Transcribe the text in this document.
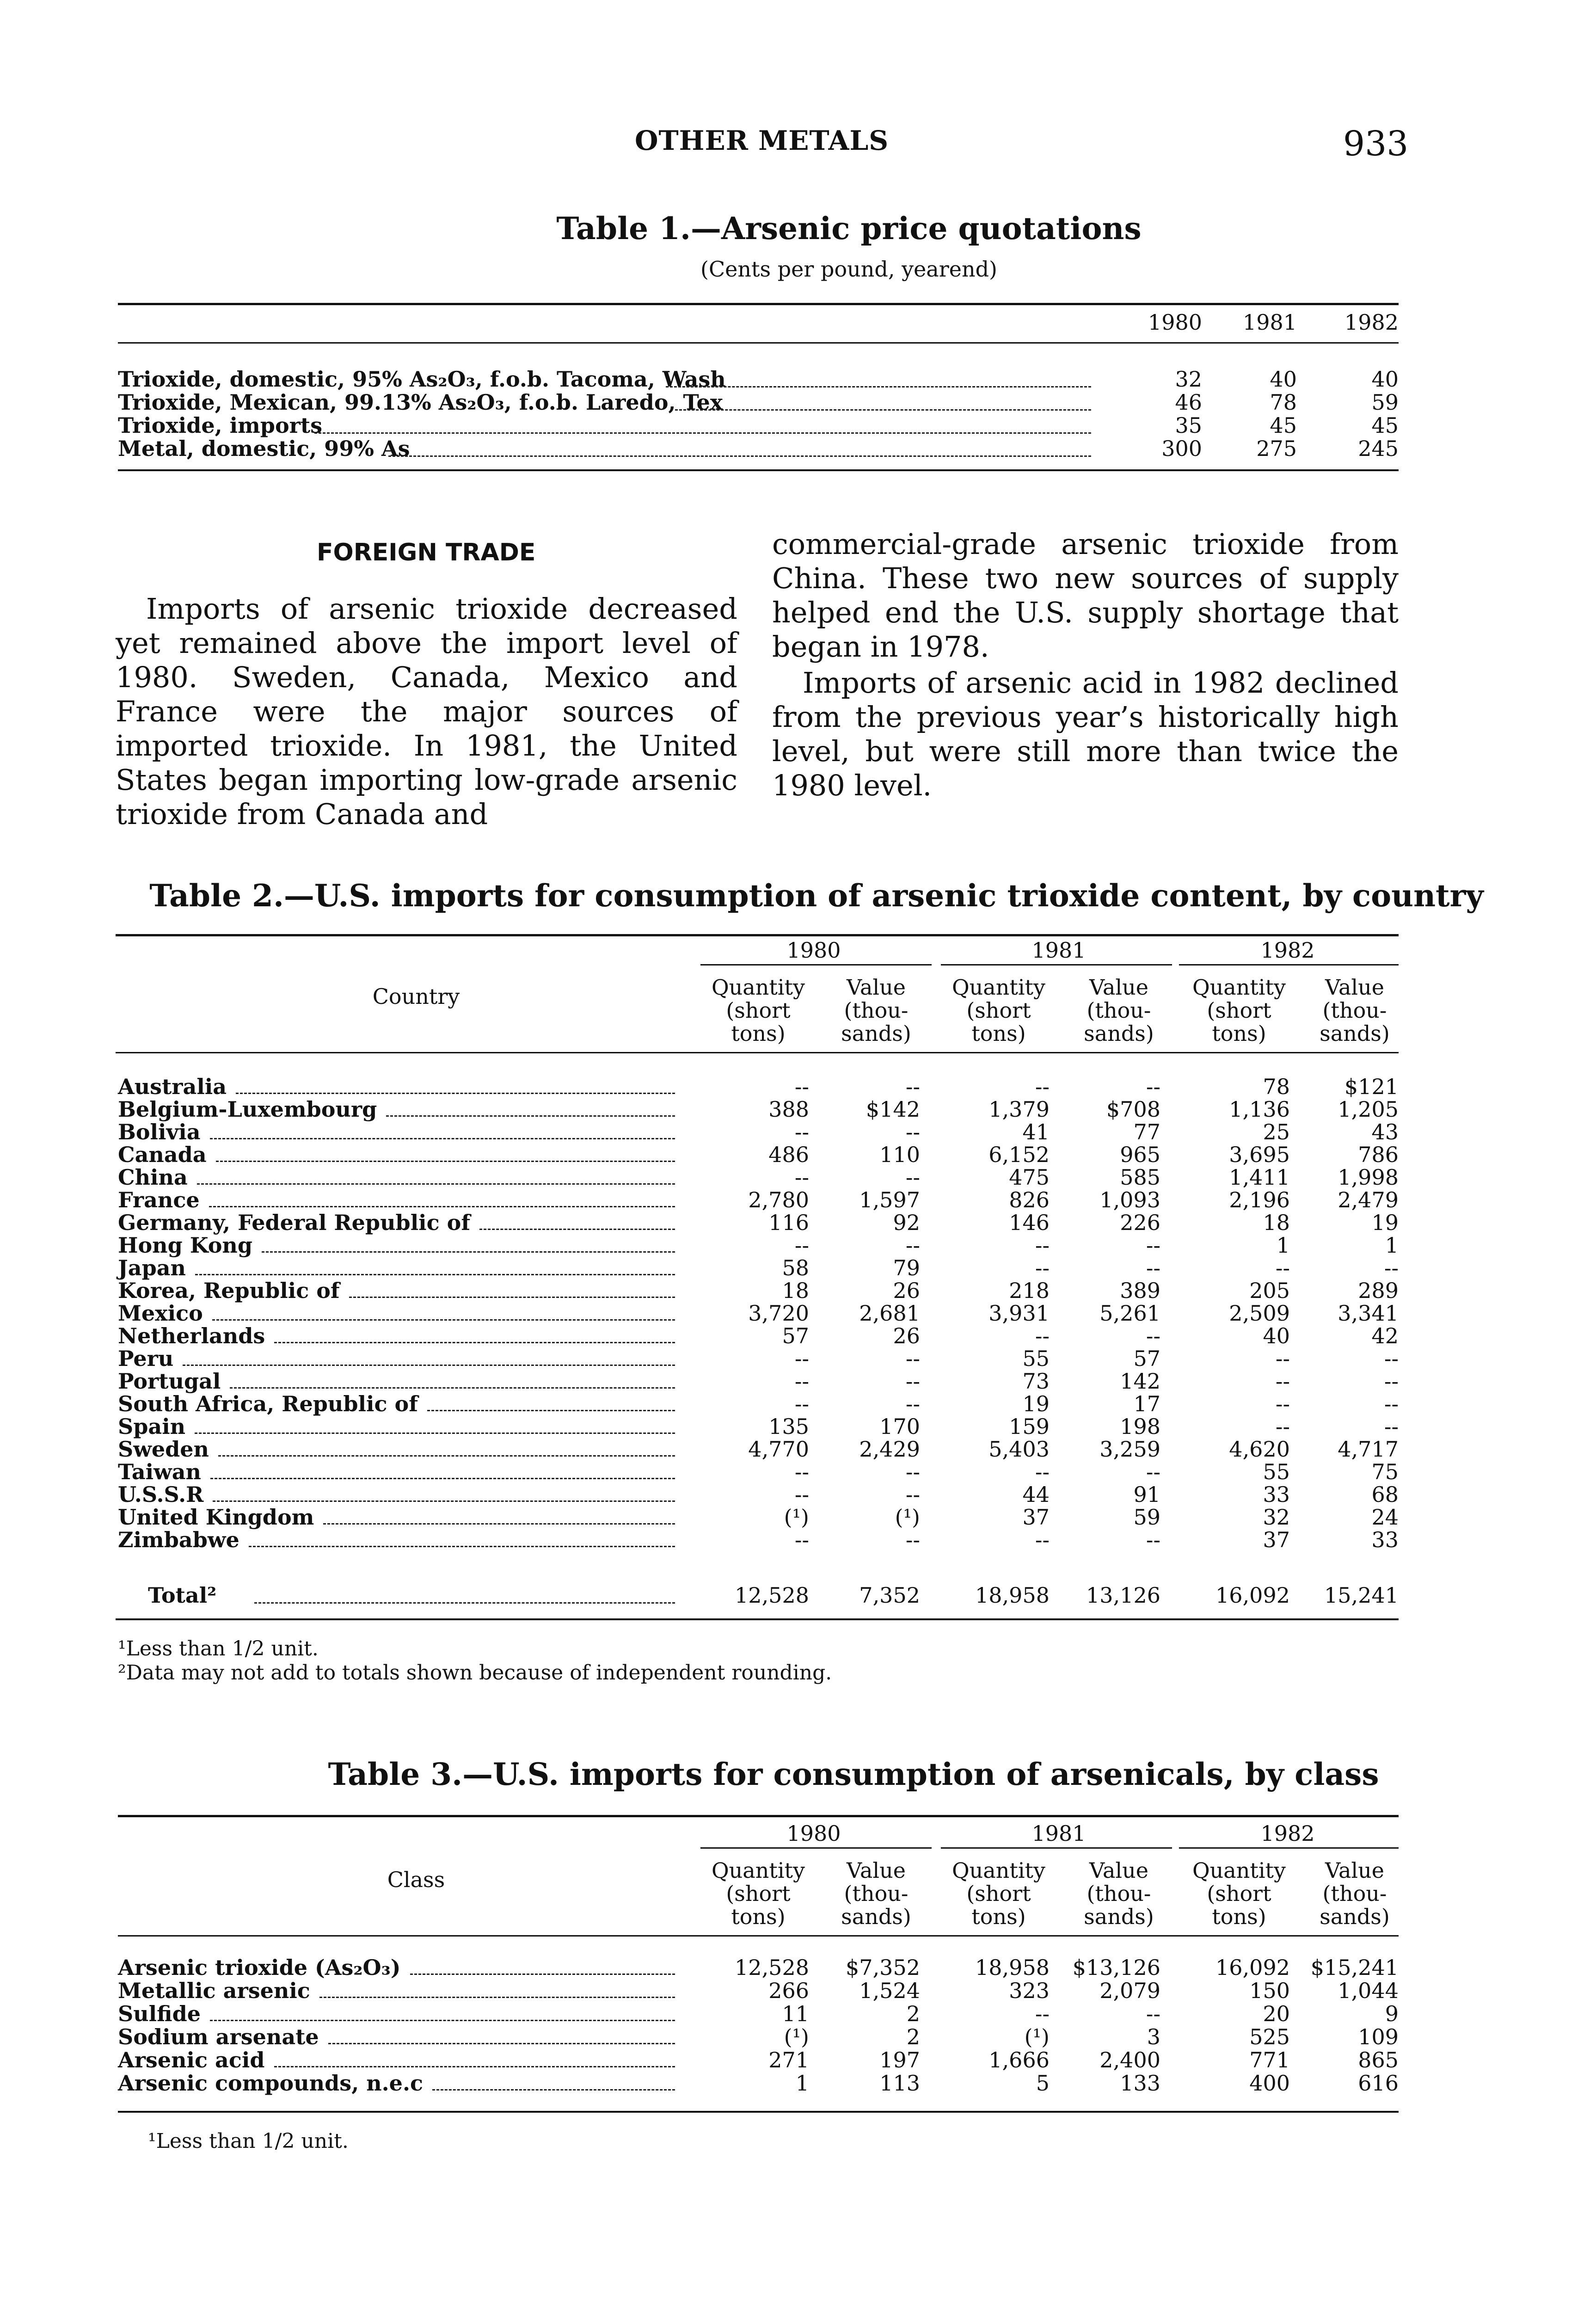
OTHER METALS	933
Table 1.—Arsenic price quotations
(Cents per pound, yearend)
1980	1981	1982
Trioxide, domestic, 95% As₂O₃, f.o.b. Tacoma, Wash	32	40	40
Trioxide, Mexican, 99.13% As₂O₃, f.o.b. Laredo, Tex	46	78	59
Trioxide, imports	35	45	45
Metal, domestic, 99% As	300	275	245
FOREIGN TRADE
Imports of arsenic trioxide decreased yet remained above the import level of 1980. Sweden, Canada, Mexico and France were the major sources of imported trioxide. In 1981, the United States began importing low-grade arsenic trioxide from Canada and
commercial-grade arsenic trioxide from China. These two new sources of supply helped end the U.S. supply shortage that began in 1978.
Imports of arsenic acid in 1982 declined from the previous year’s historically high level, but were still more than twice the 1980 level.
Table 2.—U.S. imports for consumption of arsenic trioxide content, by country
1980	1981	1982
Country	Quantity
(short
tons)
Value
(thou-
sands)
Quantity
(short
tons)
Value
(thou-
sands)
Quantity
(short
tons)
Value
(thou-
sands)
Australia	--	--	--	--	78	$121
Belgium-Luxembourg	388	$142	1,379	$708	1,136	1,205
Bolivia	--	--	41	77	25	43
Canada	486	110	6,152	965	3,695	786
China	--	--	475	585	1,411	1,998
France	2,780	1,597	826	1,093	2,196	2,479
Germany, Federal Republic of	116	92	146	226	18	19
Hong Kong	--	--	--	--	1	1
Japan	58	79	--	--	--	--
Korea, Republic of	18	26	218	389	205	289
Mexico	3,720	2,681	3,931	5,261	2,509	3,341
Netherlands	57	26	--	--	40	42
Peru	--	--	55	57	--	--
Portugal	--	--	73	142	--	--
South Africa, Republic of	--	--	19	17	--	--
Spain	135	170	159	198	--	--
Sweden	4,770	2,429	5,403	3,259	4,620	4,717
Taiwan	--	--	--	--	55	75
U.S.S.R	--	--	44	91	33	68
United Kingdom	(¹)	(¹)	37	59	32	24
Zimbabwe	--	--	--	--	37	33
Total²	12,528	7,352	18,958	13,126	16,092	15,241
¹Less than 1/2 unit.
²Data may not add to totals shown because of independent rounding.
Table 3.—U.S. imports for consumption of arsenicals, by class
1980	1981	1982
Class	Quantity
(short
tons)
Value
(thou-
sands)
Quantity
(short
tons)
Value
(thou-
sands)
Quantity
(short
tons)
Value
(thou-
sands)
Arsenic trioxide (As₂O₃)	12,528	$7,352	18,958	$13,126	16,092 $15,241
Metallic arsenic	266	1,524	323	2,079	150	1,044
Sulfide	11	2	--	--	20	9
Sodium arsenate	(¹)	2	(¹)	3	525	109
Arsenic acid	271	197	1,666	2,400	771	865
Arsenic compounds, n.e.c	1	113	5	133	400	616
¹Less than 1/2 unit.
